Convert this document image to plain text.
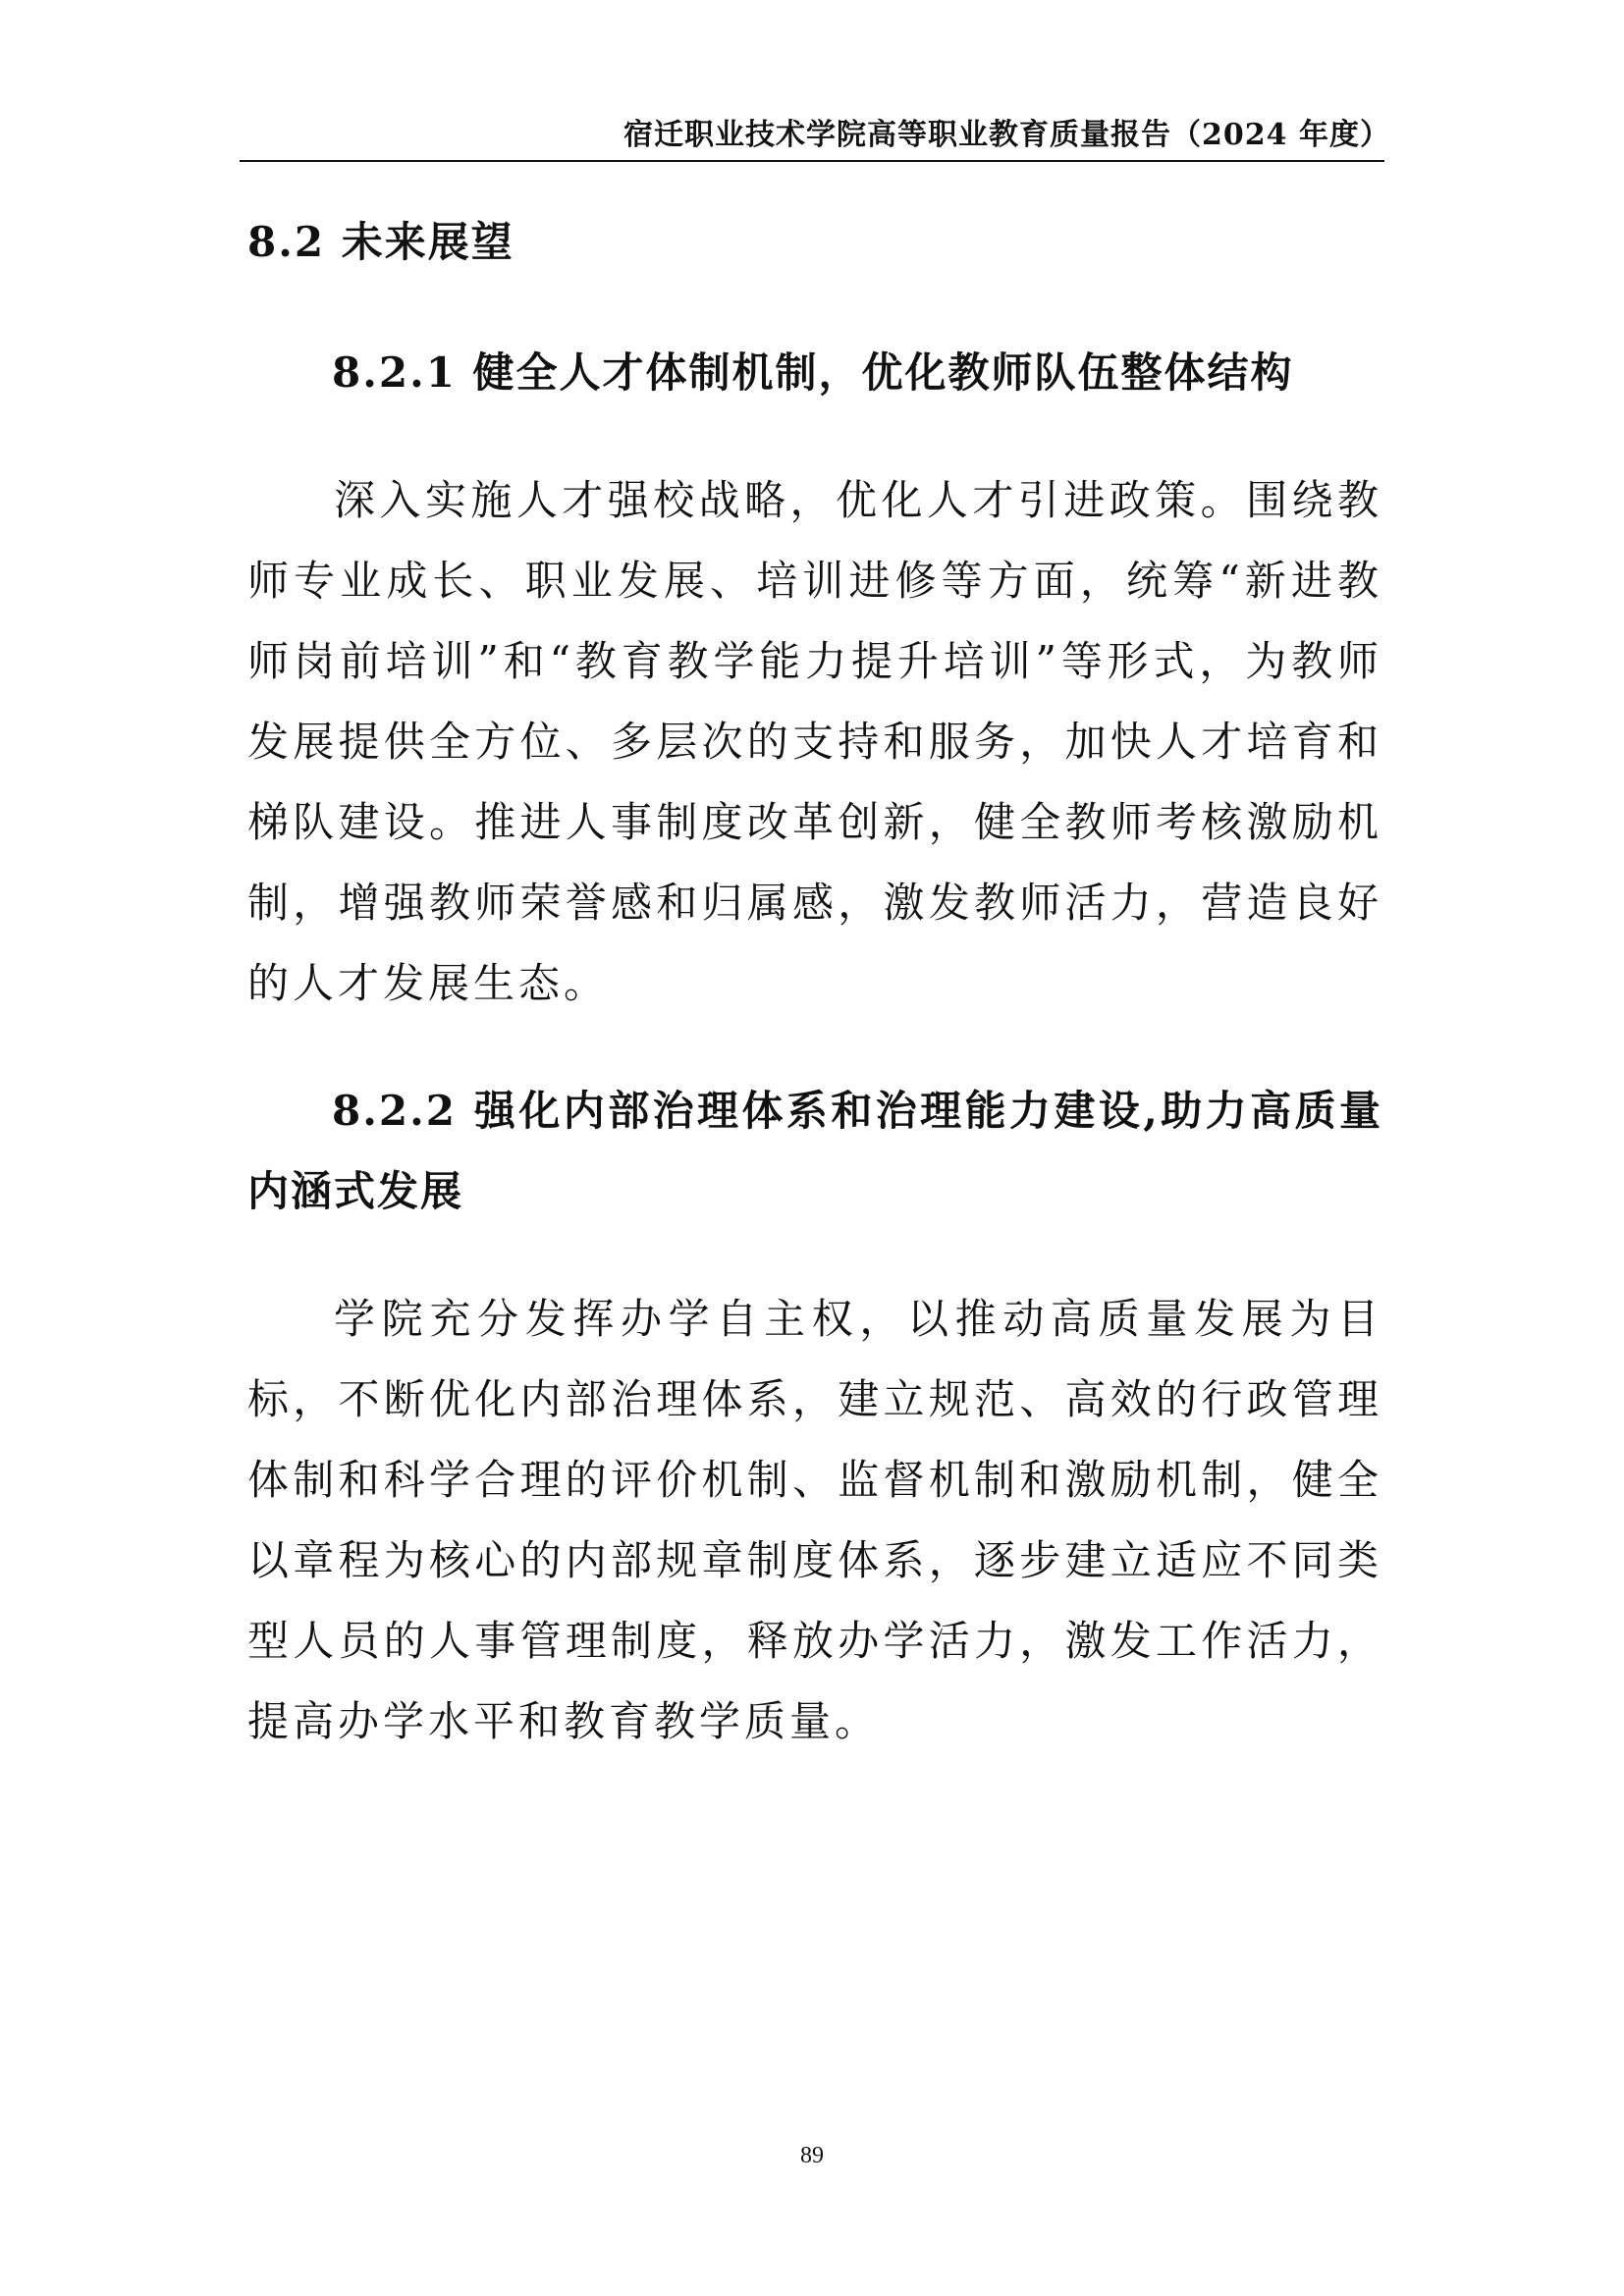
宿迁职业技术学院高等职业教育质量报告（2024 年度）
8.2 未来展望
8.2.1 健全人才体制机制，优化教师队伍整体结构

深入实施人才强校战略，优化人才引进政策。围绕教师专业成长、职业发展、培训进修等方面，统筹“新进教师岗前培训”和“教育教学能力提升培训”等形式，为教师发展提供全方位、多层次的支持和服务，加快人才培育和梯队建设。推进人事制度改革创新，健全教师考核激励机制，增强教师荣誉感和归属感，激发教师活力，营造良好的人才发展生态。

8.2.2 强化内部治理体系和治理能力建设,助力高质量内涵式发展

学院充分发挥办学自主权，以推动高质量发展为目标，不断优化内部治理体系，建立规范、高效的行政管理体制和科学合理的评价机制、监督机制和激励机制，健全以章程为核心的内部规章制度体系，逐步建立适应不同类型人员的人事管理制度，释放办学活力，激发工作活力，提高办学水平和教育教学质量。

89
